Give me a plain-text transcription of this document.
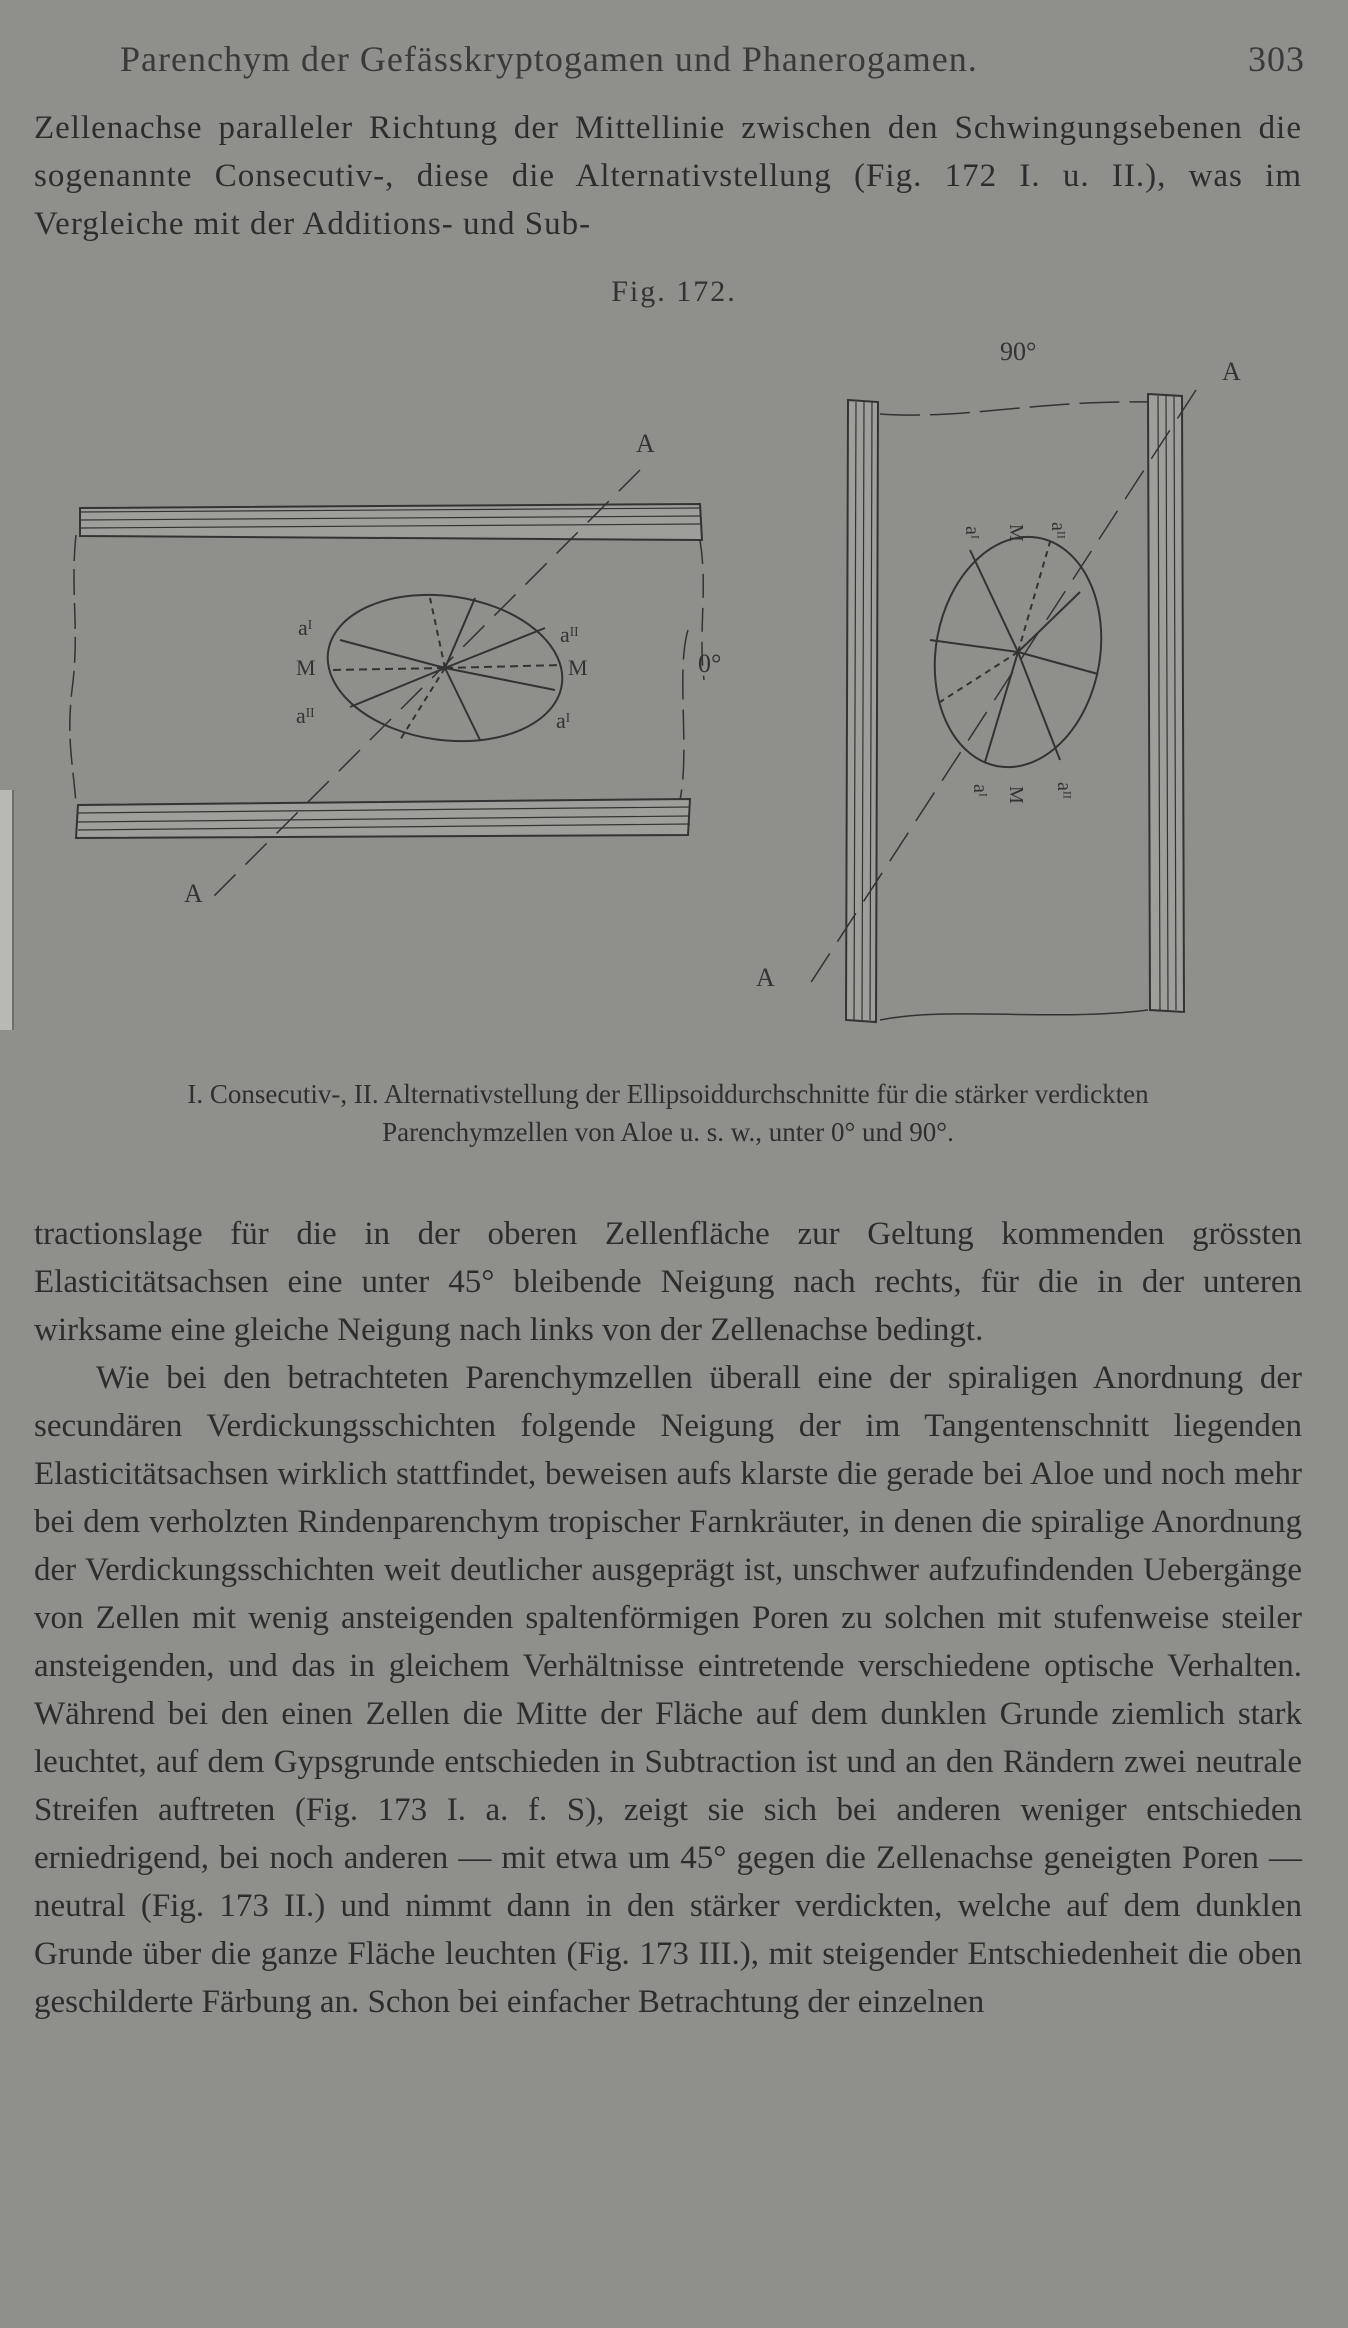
Parenchym der Gefässkryptogamen und Phanerogamen.	303

Zellenachse paralleler Richtung der Mittellinie zwischen den Schwingungsebenen die sogenannte Consecutiv-, diese die Alternativstellung (Fig. 172 I. u. II.), was im Vergleiche mit der Additions- und Sub-

Fig. 172.
A
A
0°
aᴵ
M
aᴵᴵ
aᴵᴵ
M
aᴵ
90°
A
A
aᴵ M aᴵᴵ
aᴵ M aᴵᴵ
I. Consecutiv-, II. Alternativstellung der Ellipsoiddurchschnitte für die stärker verdickten
Parenchymzellen von Aloe u. s. w., unter 0° und 90°.

tractionslage für die in der oberen Zellenfläche zur Geltung kommenden grössten Elasticitätsachsen eine unter 45° bleibende Neigung nach rechts, für die in der unteren wirksame eine gleiche Neigung nach links von der Zellenachse bedingt.

Wie bei den betrachteten Parenchymzellen überall eine der spiraligen Anordnung der secundären Verdickungsschichten folgende Neigung der im Tangentenschnitt liegenden Elasticitätsachsen wirklich stattfindet, beweisen aufs klarste die gerade bei Aloe und noch mehr bei dem verholzten Rindenparenchym tropischer Farnkräuter, in denen die spiralige Anordnung der Verdickungsschichten weit deutlicher ausgeprägt ist, unschwer aufzufindenden Uebergänge von Zellen mit wenig ansteigenden spaltenförmigen Poren zu solchen mit stufenweise steiler ansteigenden, und das in gleichem Verhältnisse eintretende verschiedene optische Verhalten. Während bei den einen Zellen die Mitte der Fläche auf dem dunklen Grunde ziemlich stark leuchtet, auf dem Gypsgrunde entschieden in Subtraction ist und an den Rändern zwei neutrale Streifen auftreten (Fig. 173 I. a. f. S), zeigt sie sich bei anderen weniger entschieden erniedrigend, bei noch anderen — mit etwa um 45° gegen die Zellenachse geneigten Poren — neutral (Fig. 173 II.) und nimmt dann in den stärker verdickten, welche auf dem dunklen Grunde über die ganze Fläche leuchten (Fig. 173 III.), mit steigender Entschiedenheit die oben geschilderte Färbung an. Schon bei einfacher Betrachtung der einzelnen
